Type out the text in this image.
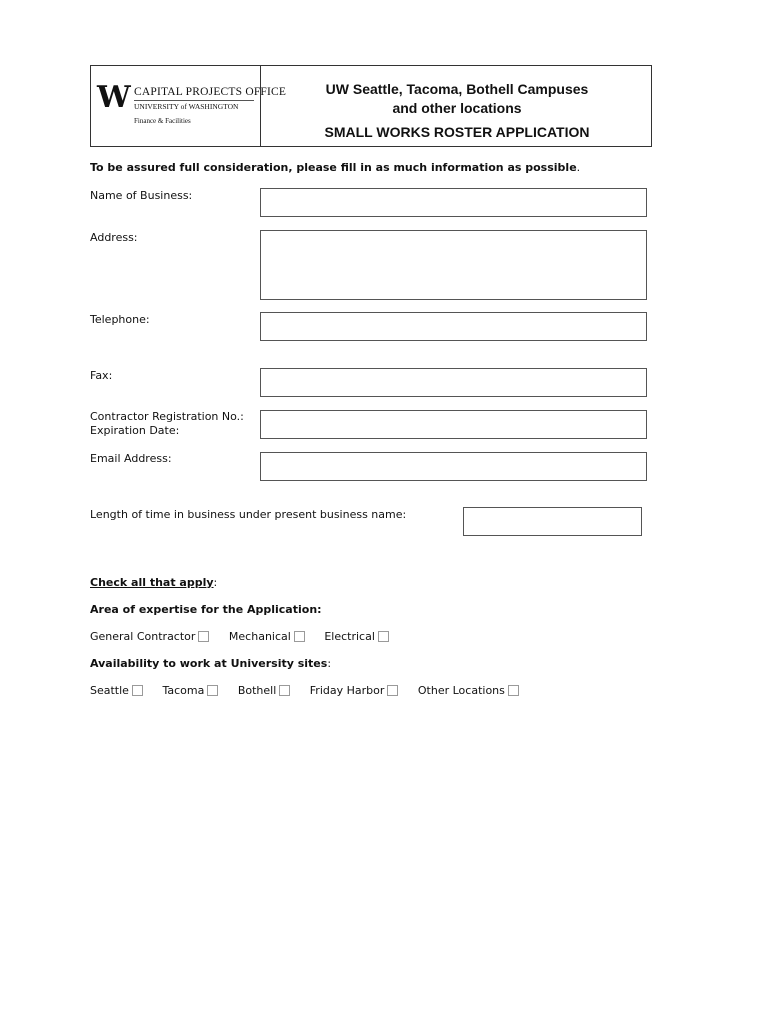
W CAPITAL PROJECTS OFFICE
UNIVERSITY of WASHINGTON
Finance & Facilities
UW Seattle, Tacoma, Bothell Campuses
and other locations
SMALL WORKS ROSTER APPLICATION
To be assured full consideration, please fill in as much information as possible.
Name of Business:
Address:
Telephone:
Fax:
Contractor Registration No.:
Expiration Date:
Email Address:
Length of time in business under present business name:
Check all that apply:
Area of expertise for the Application:
General Contractor	Mechanical	Electrical
Availability to work at University sites:
Seattle	Tacoma	Bothell	Friday Harbor	Other Locations
